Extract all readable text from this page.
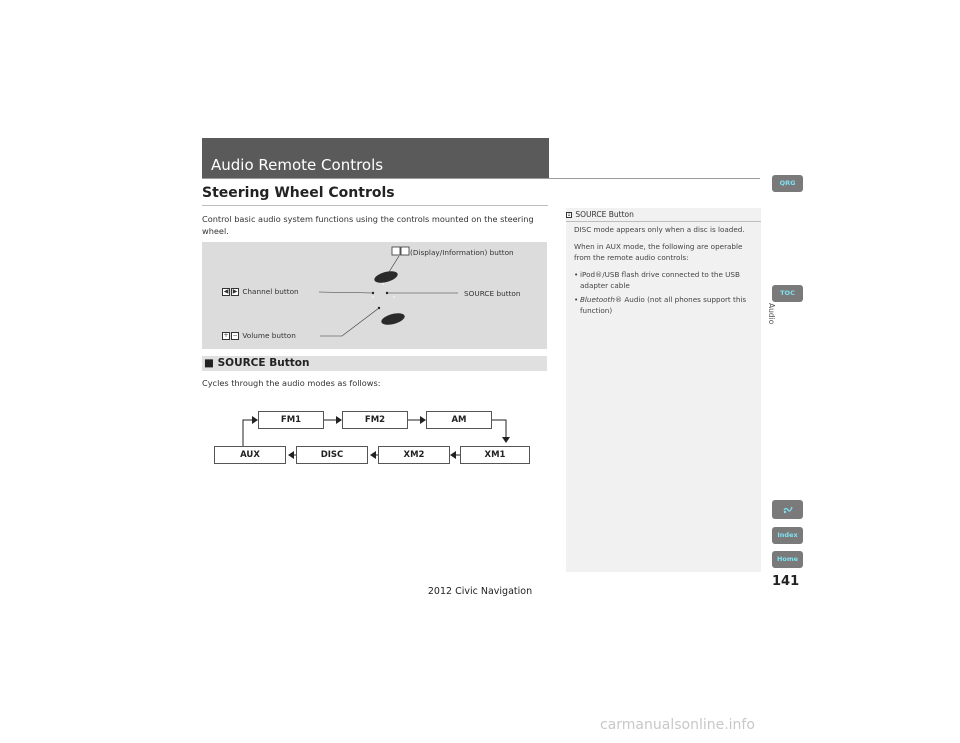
Audio Remote Controls
Steering Wheel Controls
Control basic audio system functions using the controls mounted on the steering wheel.
(Display/Information) button
◀ ▶ Channel button	SOURCE button
+ − Volume button
■ SOURCE Button
Cycles through the audio modes as follows:
FM1	FM2	AM
AUX	DISC	XM2	XM1
1 SOURCE Button
DISC mode appears only when a disc is loaded.
When in AUX mode, the following are operable from the remote audio controls:
• iPod®/USB flash drive connected to the USB adapter cable
• Bluetooth® Audio (not all phones support this function)
QRG
TOC
Audio
Index
Home
141
2012 Civic Navigation
carmanualsonline.info
